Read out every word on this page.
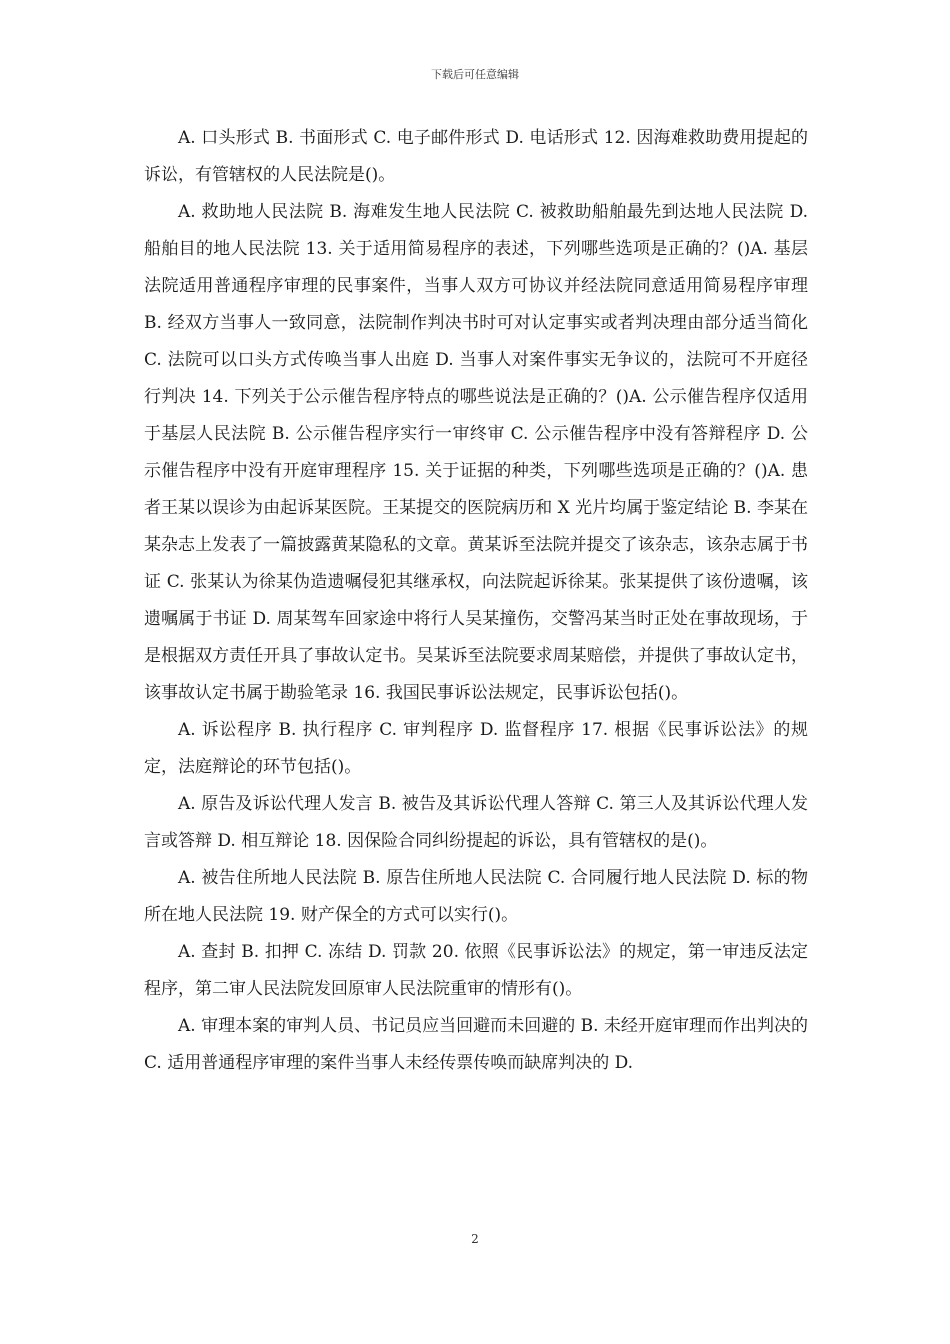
下载后可任意编辑

A. 口头形式 B. 书面形式 C. 电子邮件形式 D. 电话形式 12. 因海难救助费用提起的诉讼，有管辖权的人民法院是()。

A. 救助地人民法院 B. 海难发生地人民法院 C. 被救助船舶最先到达地人民法院 D. 船舶目的地人民法院 13. 关于适用简易程序的表述，下列哪些选项是正确的？()A. 基层法院适用普通程序审理的民事案件，当事人双方可协议并经法院同意适用简易程序审理 B. 经双方当事人一致同意，法院制作判决书时可对认定事实或者判决理由部分适当简化 C. 法院可以口头方式传唤当事人出庭 D. 当事人对案件事实无争议的，法院可不开庭径行判决 14. 下列关于公示催告程序特点的哪些说法是正确的？()A. 公示催告程序仅适用于基层人民法院 B. 公示催告程序实行一审终审 C. 公示催告程序中没有答辩程序 D. 公示催告程序中没有开庭审理程序 15. 关于证据的种类，下列哪些选项是正确的？()A. 患者王某以误诊为由起诉某医院。王某提交的医院病历和 X 光片均属于鉴定结论 B. 李某在某杂志上发表了一篇披露黄某隐私的文章。黄某诉至法院并提交了该杂志，该杂志属于书证 C. 张某认为徐某伪造遗嘱侵犯其继承权，向法院起诉徐某。张某提供了该份遗嘱，该遗嘱属于书证 D. 周某驾车回家途中将行人吴某撞伤，交警冯某当时正处在事故现场，于是根据双方责任开具了事故认定书。吴某诉至法院要求周某赔偿，并提供了事故认定书，该事故认定书属于勘验笔录 16. 我国民事诉讼法规定，民事诉讼包括()。

A. 诉讼程序 B. 执行程序 C. 审判程序 D. 监督程序 17. 根据《民事诉讼法》的规定，法庭辩论的环节包括()。

A. 原告及诉讼代理人发言 B. 被告及其诉讼代理人答辩 C. 第三人及其诉讼代理人发言或答辩 D. 相互辩论 18. 因保险合同纠纷提起的诉讼，具有管辖权的是()。

A. 被告住所地人民法院 B. 原告住所地人民法院 C. 合同履行地人民法院 D. 标的物所在地人民法院 19. 财产保全的方式可以实行()。

A. 查封 B. 扣押 C. 冻结 D. 罚款 20. 依照《民事诉讼法》的规定，第一审违反法定程序，第二审人民法院发回原审人民法院重审的情形有()。

A. 审理本案的审判人员、书记员应当回避而未回避的 B. 未经开庭审理而作出判决的 C. 适用普通程序审理的案件当事人未经传票传唤而缺席判决的 D.

2
